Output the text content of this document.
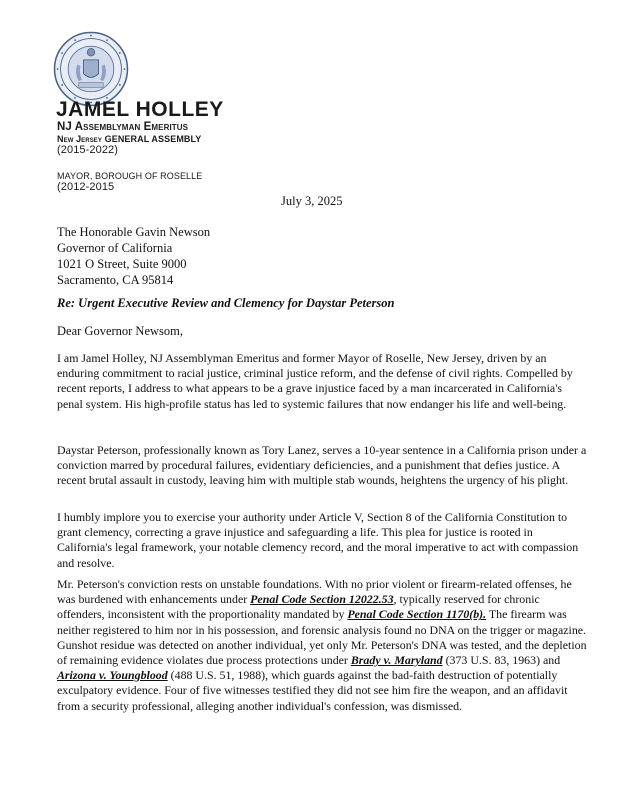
JAMEL HOLLEY
NJ Assemblyman Emeritus
New Jersey GENERAL ASSEMBLY
(2015-2022)
MAYOR, BOROUGH OF ROSELLE
(2012-2015
July 3, 2025
The Honorable Gavin Newson
Governor of California
1021 O Street, Suite 9000
Sacramento, CA 95814
Re: Urgent Executive Review and Clemency for Daystar Peterson
Dear Governor Newsom,

I am Jamel Holley, NJ Assemblyman Emeritus and former Mayor of Roselle, New Jersey, driven by an enduring commitment to racial justice, criminal justice reform, and the defense of civil rights. Compelled by recent reports, I address to what appears to be a grave injustice faced by a man incarcerated in California's penal system. His high-profile status has led to systemic failures that now endanger his life and well-being.

Daystar Peterson, professionally known as Tory Lanez, serves a 10-year sentence in a California prison under a conviction marred by procedural failures, evidentiary deficiencies, and a punishment that defies justice. A recent brutal assault in custody, leaving him with multiple stab wounds, heightens the urgency of his plight.

I humbly implore you to exercise your authority under Article V, Section 8 of the California Constitution to grant clemency, correcting a grave injustice and safeguarding a life. This plea for justice is rooted in California's legal framework, your notable clemency record, and the moral imperative to act with compassion and resolve.

Mr. Peterson's conviction rests on unstable foundations. With no prior violent or firearm-related offenses, he was burdened with enhancements under Penal Code Section 12022.53, typically reserved for chronic offenders, inconsistent with the proportionality mandated by Penal Code Section 1170(b). The firearm was neither registered to him nor in his possession, and forensic analysis found no DNA on the trigger or magazine. Gunshot residue was detected on another individual, yet only Mr. Peterson's DNA was tested, and the depletion of remaining evidence violates due process protections under Brady v. Maryland (373 U.S. 83, 1963) and Arizona v. Youngblood (488 U.S. 51, 1988), which guards against the bad-faith destruction of potentially exculpatory evidence. Four of five witnesses testified they did not see him fire the weapon, and an affidavit from a security professional, alleging another individual's confession, was dismissed.
